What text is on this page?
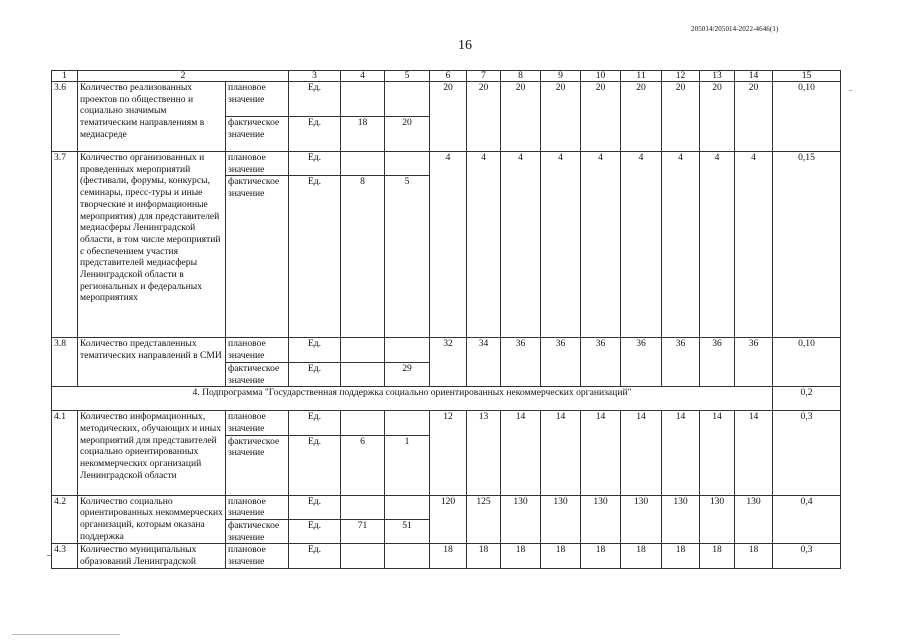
205014/205014-2022-4646(1)
16
1	2		3	4	5	6	7	8	9	10	11	12	13	14	15
3.6	Количество реализованных проектов по общественно и социально значимым тематическим направлениям в медиасреде	плановое значение	Ед.			20	20	20	20	20	20	20	20	20	0,10
		фактическое значение	Ед.	18	20										
3.7	Количество организованных и проведенных мероприятий (фестивали, форумы, конкурсы, семинары, пресс-туры и иные творческие и информационные мероприятия) для представителей медиасферы Ленинградской области, в том числе мероприятий с обеспечением участия представителей медиасферы Ленинградской области в региональных и федеральных мероприятиях	плановое значение	Ед.			4	4	4	4	4	4	4	4	4	0,15
		фактическое значение	Ед.	8	5										
3.8	Количество представленных тематических направлений в СМИ	плановое значение	Ед.			32	34	36	36	36	36	36	36	36	0,10
		фактическое значение	Ед.		29										
4. Подпрограмма "Государственная поддержка социально ориентированных некоммерческих организаций"															0,2
4.1	Количество информационных, методических, обучающих и иных мероприятий для представителей социально ориентированных некоммерческих организаций Ленинградской области	плановое значение	Ед.			12	13	14	14	14	14	14	14	14	0,3
		фактическое значение	Ед.	6	1										
4.2	Количество социально ориентированных некоммерческих организаций, которым оказана поддержка	плановое значение	Ед.			120	125	130	130	130	130	130	130	130	0,4
		фактическое значение	Ед.	71	51										
4.3	Количество муниципальных образований Ленинградской	плановое значение	Ед.			18	18	18	18	18	18	18	18	18	0,3
